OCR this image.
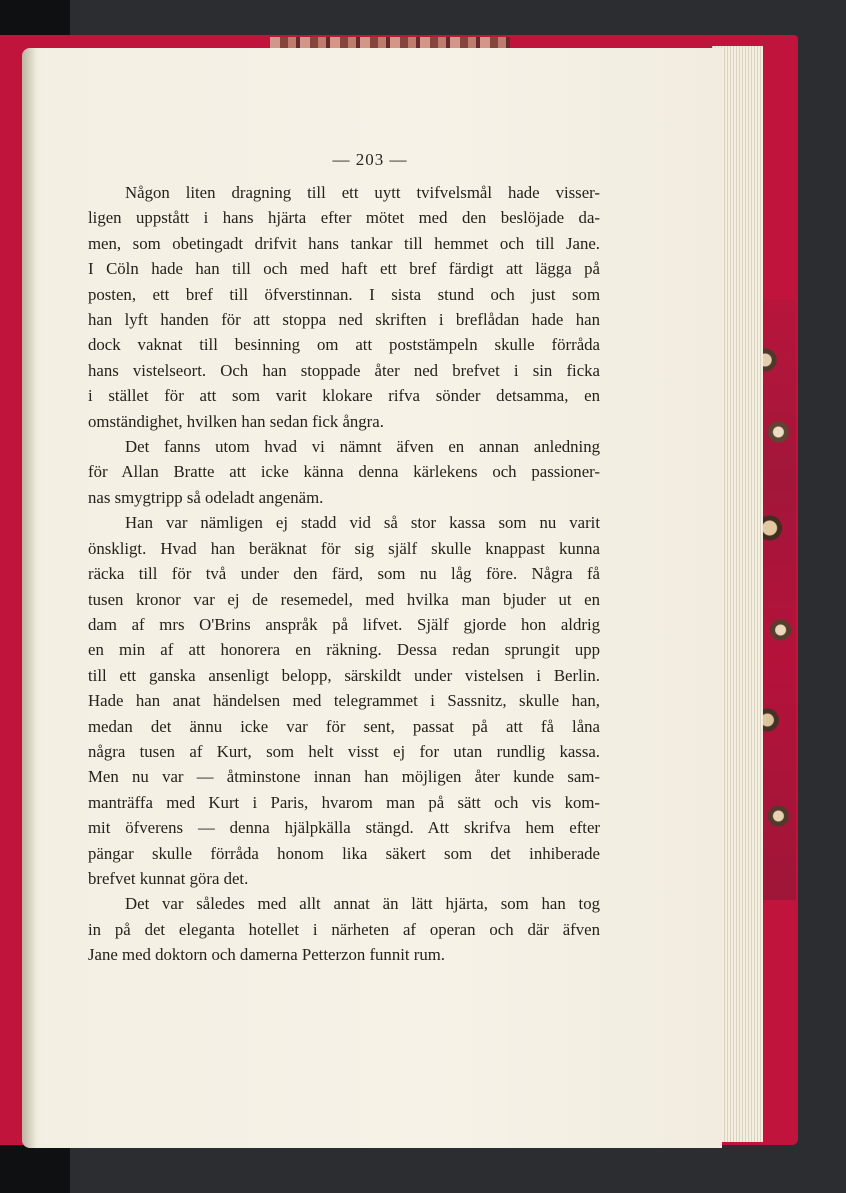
— 203 —
Någon liten dragning till ett uytt tvifvelsmål hade visser-
ligen uppstått i hans hjärta efter mötet med den beslöjade da-
men, som obetingadt drifvit hans tankar till hemmet och till Jane.
I Cöln hade han till och med haft ett bref färdigt att lägga på
posten, ett bref till öfverstinnan. I sista stund och just som
han lyft handen för att stoppa ned skriften i breflådan hade han
dock vaknat till besinning om att poststämpeln skulle förråda
hans vistelseort. Och han stoppade åter ned brefvet i sin ficka
i stället för att som varit klokare rifva sönder detsamma, en
omständighet, hvilken han sedan fick ångra.
Det fanns utom hvad vi nämnt äfven en annan anledning
för Allan Bratte att icke känna denna kärlekens och passioner-
nas smygtripp så odeladt angenäm.
Han var nämligen ej stadd vid så stor kassa som nu varit
önskligt. Hvad han beräknat för sig själf skulle knappast kunna
räcka till för två under den färd, som nu låg före. Några få
tusen kronor var ej de resemedel, med hvilka man bjuder ut en
dam af mrs O'Brins anspråk på lifvet. Själf gjorde hon aldrig
en min af att honorera en räkning. Dessa redan sprungit upp
till ett ganska ansenligt belopp, särskildt under vistelsen i Berlin.
Hade han anat händelsen med telegrammet i Sassnitz, skulle han,
medan det ännu icke var för sent, passat på att få låna
några tusen af Kurt, som helt visst ej for utan rundlig kassa.
Men nu var — åtminstone innan han möjligen åter kunde sam-
manträffa med Kurt i Paris, hvarom man på sätt och vis kom-
mit öfverens — denna hjälpkälla stängd. Att skrifva hem efter
pängar skulle förråda honom lika säkert som det inhiberade
brefvet kunnat göra det.
Det var således med allt annat än lätt hjärta, som han tog
in på det eleganta hotellet i närheten af operan och där äfven
Jane med doktorn och damerna Petterzon funnit rum.
